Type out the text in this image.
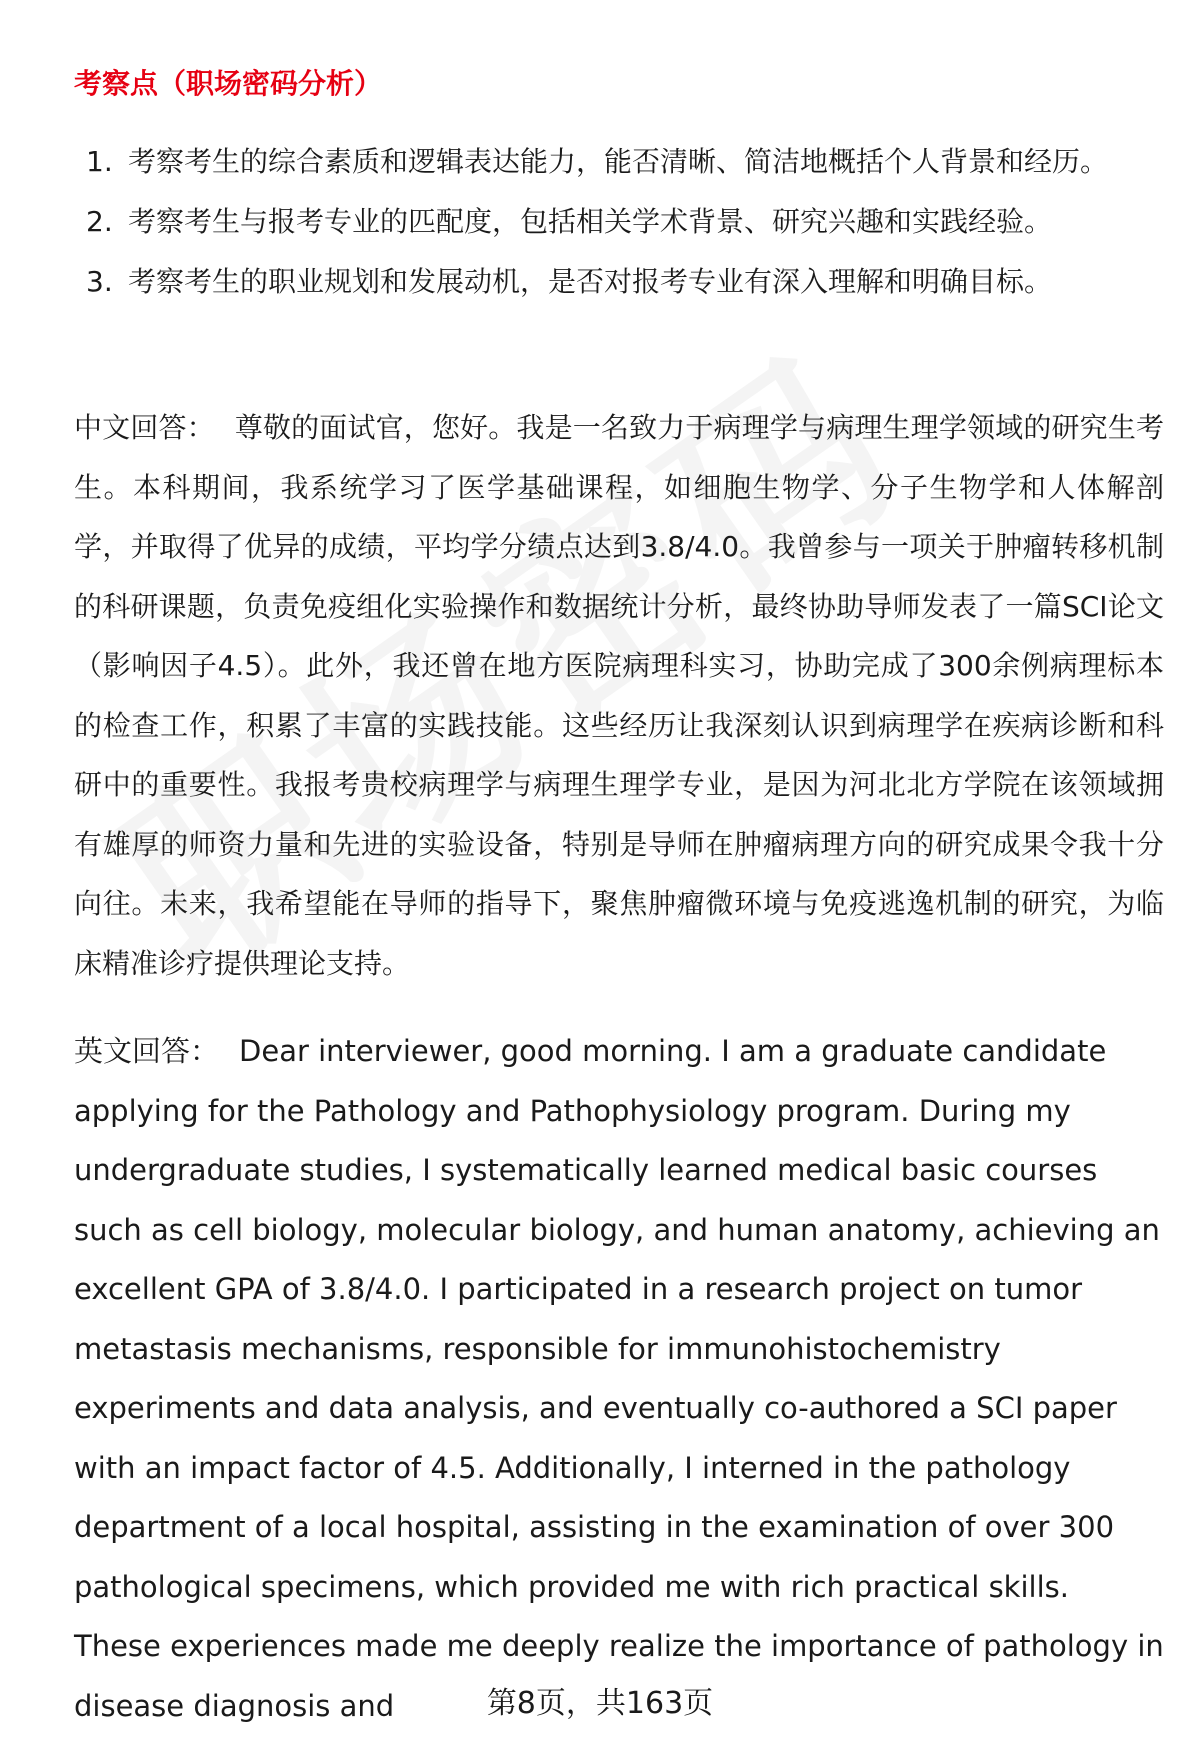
考察点（职场密码分析）
1. 考察考生的综合素质和逻辑表达能力，能否清晰、简洁地概括个人背景和经历。
2. 考察考生与报考专业的匹配度，包括相关学术背景、研究兴趣和实践经验。
3. 考察考生的职业规划和发展动机，是否对报考专业有深入理解和明确目标。

中文回答： 尊敬的面试官，您好。我是一名致力于病理学与病理生理学领域的研究生考生。本科期间，我系统学习了医学基础课程，如细胞生物学、分子生物学和人体解剖学，并取得了优异的成绩，平均学分绩点达到3.8/4.0。我曾参与一项关于肿瘤转移机制的科研课题，负责免疫组化实验操作和数据统计分析，最终协助导师发表了一篇SCI论文（影响因子4.5）。此外，我还曾在地方医院病理科实习，协助完成了300余例病理标本的检查工作，积累了丰富的实践技能。这些经历让我深刻认识到病理学在疾病诊断和科研中的重要性。我报考贵校病理学与病理生理学专业，是因为河北北方学院在该领域拥有雄厚的师资力量和先进的实验设备，特别是导师在肿瘤病理方向的研究成果令我十分向往。未来，我希望能在导师的指导下，聚焦肿瘤微环境与免疫逃逸机制的研究，为临床精准诊疗提供理论支持。

英文回答： Dear interviewer, good morning. I am a graduate candidate applying for the Pathology and Pathophysiology program. During my undergraduate studies, I systematically learned medical basic courses such as cell biology, molecular biology, and human anatomy, achieving an excellent GPA of 3.8/4.0. I participated in a research project on tumor metastasis mechanisms, responsible for immunohistochemistry experiments and data analysis, and eventually co-authored a SCI paper with an impact factor of 4.5. Additionally, I interned in the pathology department of a local hospital, assisting in the examination of over 300 pathological specimens, which provided me with rich practical skills. These experiences made me deeply realize the importance of pathology in disease diagnosis and	第8页，共163页
